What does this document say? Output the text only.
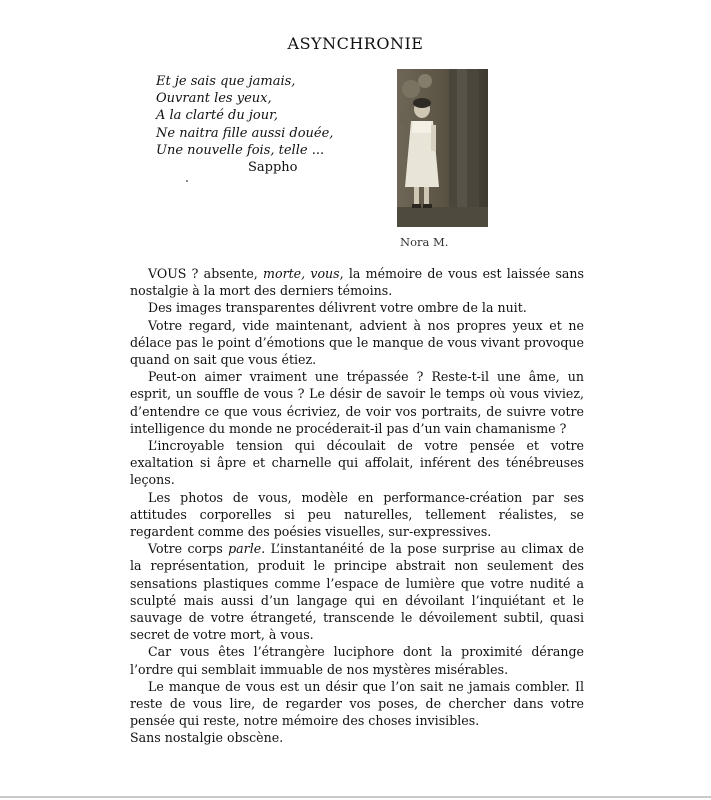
ASYNCHRONIE
Et je sais que jamais,
Ouvrant les yeux,
A la clarté du jour,
Ne naitra fille aussi douée,
Une nouvelle fois, telle ...
Sappho
Nora M.

VOUS ? absente, morte, vous, la mémoire de vous est laissée sans nostalgie à la mort des derniers témoins.

Des images transparentes délivrent votre ombre de la nuit.

Votre regard, vide maintenant, advient à nos propres yeux et ne délace pas le point d’émotions que le manque de vous vivant provoque quand on sait que vous étiez.

Peut-on aimer vraiment une trépassée ? Reste-t-il une âme, un esprit, un souffle de vous ? Le désir de savoir le temps où vous viviez, d’entendre ce que vous écriviez, de voir vos portraits, de suivre votre intelligence du monde ne procéderait-il pas d’un vain chamanisme ?

L’incroyable tension qui découlait de votre pensée et votre exaltation si âpre et charnelle qui affolait, inférent des ténébreuses leçons.

Les photos de vous, modèle en performance-création par ses attitudes corporelles si peu naturelles, tellement réalistes, se regardent comme des poésies visuelles, sur-expressives.

Votre corps parle. L’instantanéité de la pose surprise au climax de la représentation, produit le principe abstrait non seulement des sensations plastiques comme l’espace de lumière que votre nudité a sculpté mais aussi d’un langage qui en dévoilant l’inquiétant et le sauvage de votre étrangeté, transcende le dévoilement subtil, quasi secret de votre mort, à vous.

Car vous êtes l’étrangère luciphore dont la proximité dérange l’ordre qui semblait immuable de nos mystères misérables.

Le manque de vous est un désir que l’on sait ne jamais combler. Il reste de vous lire, de regarder vos poses, de chercher dans votre pensée qui reste, notre mémoire des choses invisibles.

Sans nostalgie obscène.
